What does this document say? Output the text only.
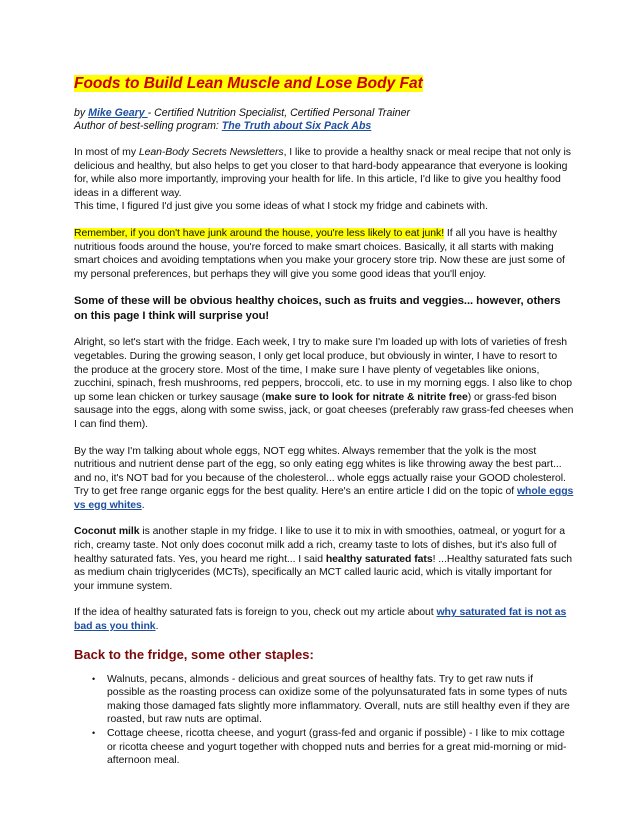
Foods to Build Lean Muscle and Lose Body Fat
by Mike Geary - Certified Nutrition Specialist, Certified Personal Trainer
Author of best-selling program: The Truth about Six Pack Abs

In most of my Lean-Body Secrets Newsletters, I like to provide a healthy snack or meal recipe that not only is delicious and healthy, but also helps to get you closer to that hard-body appearance that everyone is looking for, while also more importantly, improving your health for life. In this article, I'd like to give you healthy food ideas in a different way.

This time, I figured I'd just give you some ideas of what I stock my fridge and cabinets with.

Remember, if you don't have junk around the house, you're less likely to eat junk! If all you have is healthy nutritious foods around the house, you're forced to make smart choices. Basically, it all starts with making smart choices and avoiding temptations when you make your grocery store trip. Now these are just some of my personal preferences, but perhaps they will give you some good ideas that you'll enjoy.

Some of these will be obvious healthy choices, such as fruits and veggies... however, others on this page I think will surprise you!

Alright, so let's start with the fridge. Each week, I try to make sure I'm loaded up with lots of varieties of fresh vegetables. During the growing season, I only get local produce, but obviously in winter, I have to resort to the produce at the grocery store. Most of the time, I make sure I have plenty of vegetables like onions, zucchini, spinach, fresh mushrooms, red peppers, broccoli, etc. to use in my morning eggs. I also like to chop up some lean chicken or turkey sausage (make sure to look for nitrate & nitrite free) or grass-fed bison sausage into the eggs, along with some swiss, jack, or goat cheeses (preferably raw grass-fed cheeses when I can find them).

By the way I'm talking about whole eggs, NOT egg whites. Always remember that the yolk is the most nutritious and nutrient dense part of the egg, so only eating egg whites is like throwing away the best part... and no, it's NOT bad for you because of the cholesterol... whole eggs actually raise your GOOD cholesterol. Try to get free range organic eggs for the best quality. Here's an entire article I did on the topic of whole eggs vs egg whites.

Coconut milk is another staple in my fridge. I like to use it to mix in with smoothies, oatmeal, or yogurt for a rich, creamy taste. Not only does coconut milk add a rich, creamy taste to lots of dishes, but it's also full of healthy saturated fats. Yes, you heard me right... I said healthy saturated fats! ...Healthy saturated fats such as medium chain triglycerides (MCTs), specifically an MCT called lauric acid, which is vitally important for your immune system.

If the idea of healthy saturated fats is foreign to you, check out my article about why saturated fat is not as bad as you think.

Back to the fridge, some other staples:
• Walnuts, pecans, almonds - delicious and great sources of healthy fats. Try to get raw nuts if possible as the roasting process can oxidize some of the polyunsaturated fats in some types of nuts making those damaged fats slightly more inflammatory. Overall, nuts are still healthy even if they are roasted, but raw nuts are optimal.
• Cottage cheese, ricotta cheese, and yogurt (grass-fed and organic if possible) - I like to mix cottage or ricotta cheese and yogurt together with chopped nuts and berries for a great mid-morning or mid-afternoon meal.
